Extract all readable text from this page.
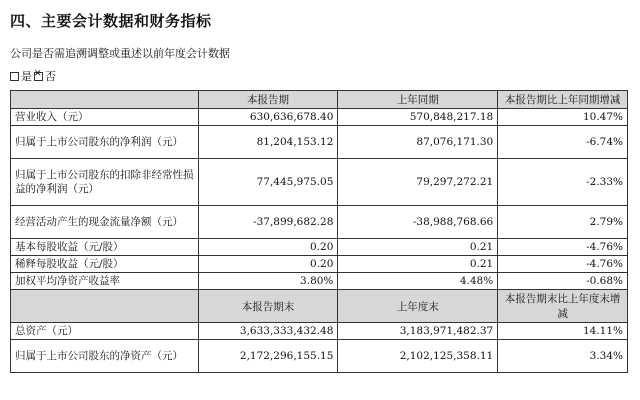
四、主要会计数据和财务指标
公司是否需追溯调整或重述以前年度会计数据
是 ✕ 否
	本报告期	上年同期	本报告期比上年同期增减
营业收入（元）	630,636,678.40	570,848,217.18	10.47%
归属于上市公司股东的净利润（元）	81,204,153.12	87,076,171.30	-6.74%
归属于上市公司股东的扣除非经常性损益的净利润（元）	77,445,975.05	79,297,272.21	-2.33%
经营活动产生的现金流量净额（元）	-37,899,682.28	-38,988,768.66	2.79%
基本每股收益（元/股）	0.20	0.21	-4.76%
稀释每股收益（元/股）	0.20	0.21	-4.76%
加权平均净资产收益率	3.80%	4.48%	-0.68%
	本报告期末	上年度末	本报告期末比上年度末增减
总资产（元）	3,633,333,432.48	3,183,971,482.37	14.11%
归属于上市公司股东的净资产（元）	2,172,296,155.15	2,102,125,358.11	3.34%
